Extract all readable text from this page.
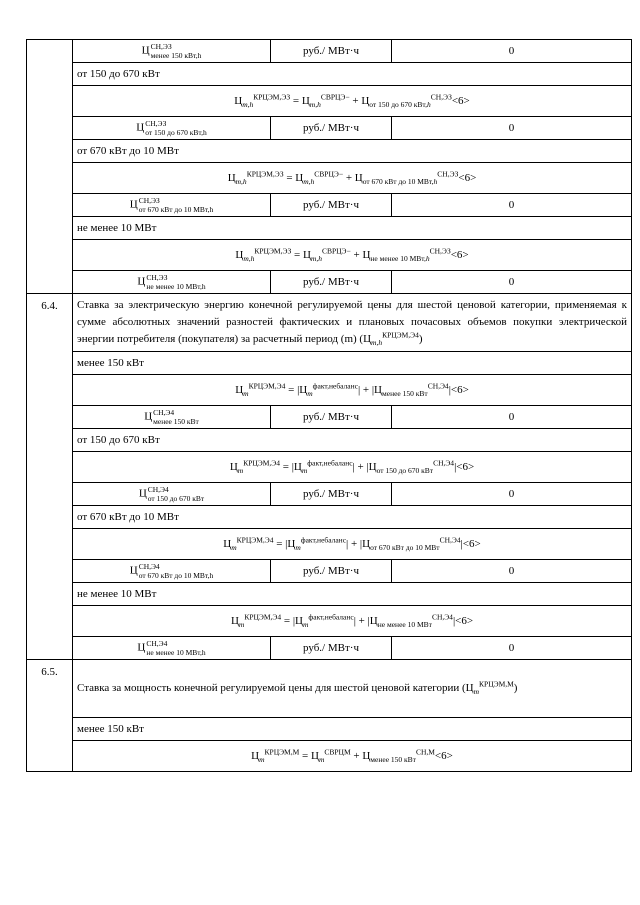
	Ц СН,ЭЗ
менее 150 кВт,h	руб./ МВт·ч	0
	от 150 до 670 кВт		
	$Ц_{m,h}^{КРЦЭМ,ЭЗ} = Ц_{m,h}^{СВРЦЭ-} + Ц_{от 150 до 670 кВт,h}^{СН,ЭЗ}<6>$		
	Ц СН,ЭЗ
от 150 до 670 кВт,h	руб./ МВт·ч	0
	от 670 кВт до 10 МВт		
	$Ц_{m,h}^{КРЦЭМ,ЭЗ} = Ц_{m,h}^{СВРЦЭ-} + Ц_{от 670 кВт до 10 МВт,h}^{СН,ЭЗ}<6>$		
	Ц СН,ЭЗ
от 670 кВт до 10 МВт,h	руб./ МВт·ч	0
	не менее 10 МВт		
	$Ц_{m,h}^{КРЦЭМ,ЭЗ} = Ц_{m,h}^{СВРЦЭ-} + Ц_{не менее 10 МВт,h}^{СН,ЭЗ}<6>$		
	Ц СН,ЭЗ
не менее 10 МВт,h	руб./ МВт·ч	0
6.4.	Ставка за электрическую энергию конечной регулируемой цены для шестой ценовой категории, применяемая к сумме абсолютных значений разностей фактических и плановых почасовых объемов покупки электрической энергии потребителя (покупателя) за расчетный период (m) $(Ц_{m,h}^{КРЦЭМ,Э4})$		
	менее 150 кВт		
	$Ц_m^{КРЦЭМ,Э4} = |Ц_m^{факт,небаланс}| + |Ц_{менее 150 кВт}^{СН,Э4}|<6>$		
	Ц СН,Э4
менее 150 кВт	руб./ МВт·ч	0
	от 150 до 670 кВт		
	$Ц_m^{КРЦЭМ,Э4} = |Ц_m^{факт,небаланс}| + |Ц_{от 150 до 670 кВт}^{СН,Э4}|<6>$		
	Ц СН,Э4
от 150 до 670 кВт	руб./ МВт·ч	0
	от 670 кВт до 10 МВт		
	$Ц_m^{КРЦЭМ,Э4} = |Ц_m^{факт,небаланс}| + |Ц_{от 670 кВт до 10 МВт}^{СН,Э4}|<6>$		
	Ц СН,Э4
от 670 кВт до 10 МВт,h	руб./ МВт·ч	0
	не менее 10 МВт		
	$Ц_m^{КРЦЭМ,Э4} = |Ц_m^{факт,небаланс}| + |Ц_{не менее 10 МВт}^{СН,Э4}|<6>$		
	Ц СН,Э4
не менее 10 МВт,h	руб./ МВт·ч	0
6.5.	Ставка за мощность конечной регулируемой цены для шестой ценовой категории $(Ц_m^{КРЦЭМ,М})$		
	менее 150 кВт		
	$Ц_m^{КРЦЭМ,М} = Ц_m^{СВРЦМ} + Ц_{менее 150 кВт}^{СН,М}<6>$		
